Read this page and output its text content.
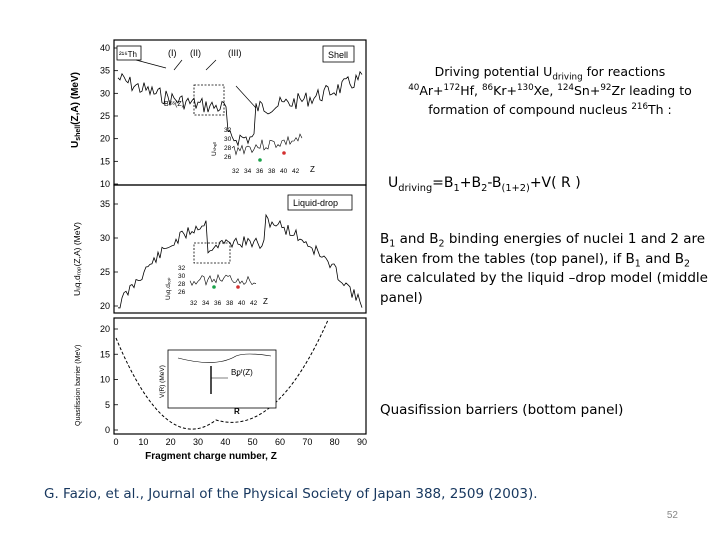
40
35
30
25
20
15
10
35
30
25
20
20
15
10
5
0
0 10 20 30 40 50 60 70 80 90
$U_{shell}(Z,A)$ (MeV)
Uₗᵢq.dᵣₒₚ(Z,A) (MeV)
Quasifission barrier (MeV)
Fragment charge number, Z
²¹⁶Th	(I) (II)	(III)	Shell
Bᶠˢˢ(Z)
Uₛₕₑₗₗ
32
30
28
26
32 34 36 38 40 42 Z
Liquid-drop
Uₗᵢq.dᵣₒₚ
32
30
28
26
32 34 36 38 40 42 Z
V(R) (MeV)	Bᵱᶠ(Z)
R
Driving potential $U_{driving}$ for reactions
$^{40}$Ar+$^{172}$Hf, $^{86}$Kr+$^{130}$Xe, $^{124}$Sn+$^{92}$Zr leading to
formation of compound nucleus $^{216}$Th :
$U_{driving}=B_1+B_2-B_{(1+2)}+V$( R )
$B_1$ and $B_2$ binding energies of nuclei 1 and 2 are taken from the tables (top panel), if $B_1$ and $B_2$ are calculated by the liquid –drop model (middle panel)
Quasifission barriers (bottom panel)
G. Fazio, et al., Journal of the Physical Society of Japan 388, 2509 (2003).
52
